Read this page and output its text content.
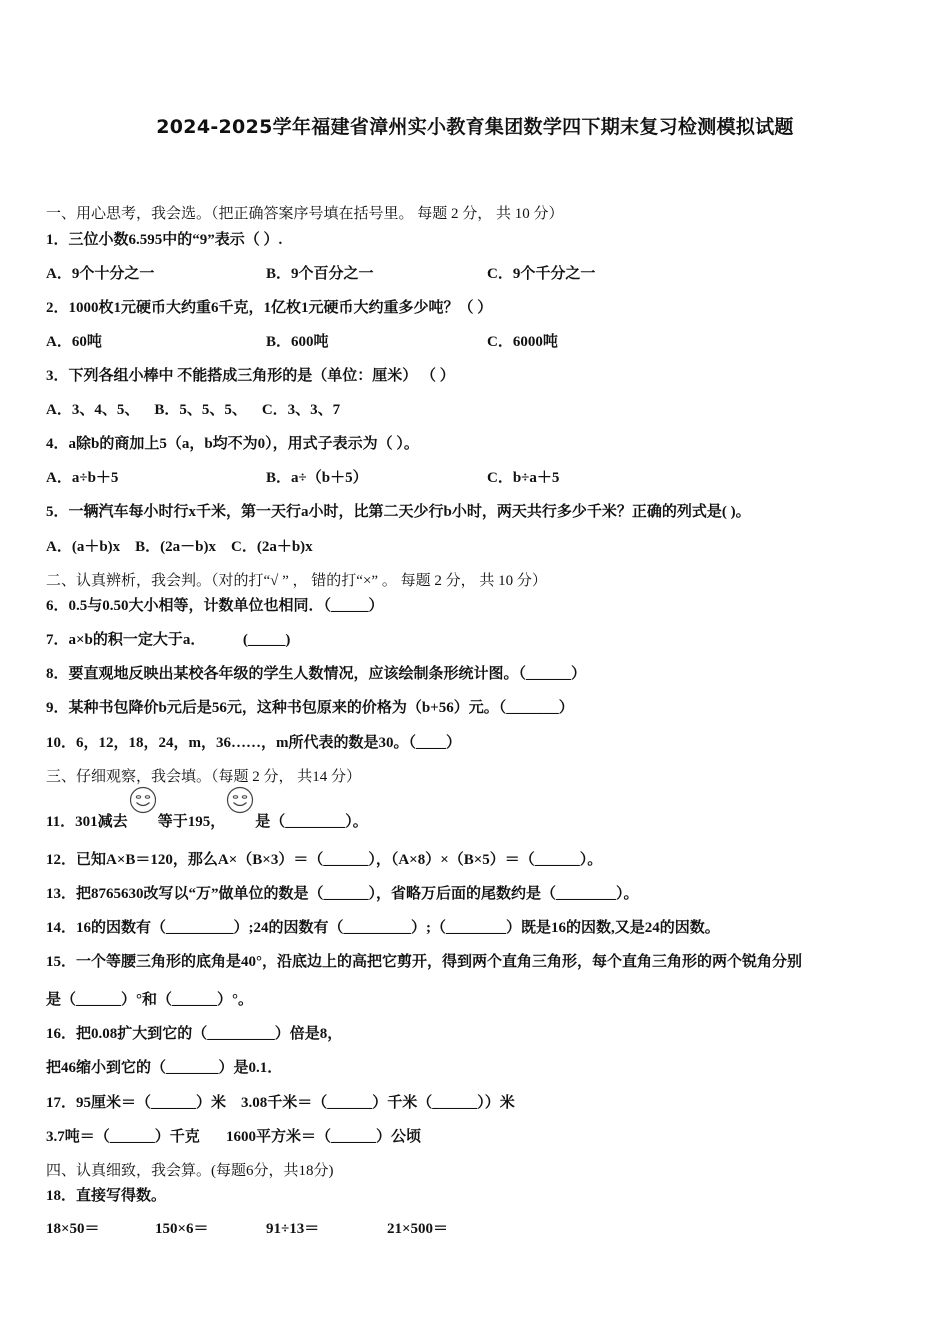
2024-2025学年福建省漳州实小教育集团数学四下期末复习检测模拟试题
一、用心思考，我会选。（把正确答案序号填在括号里。 每题 2 分， 共 10 分）
1．三位小数6.595中的“9”表示（ ）.
A．9个十分之一	B．9个百分之一	C．9个千分之一
2．1000枚1元硬币大约重6千克，1亿枚1元硬币大约重多少吨？（ ）
A．60吨	B．600吨	C．6000吨
3．下列各组小棒中 不能搭成三角形的是（单位：厘米） （ ）
A．3、4、5、    B．5、5、5、    C．3、3、7
4．a除b的商加上5（a，b均不为0），用式子表示为（ ）。
A．a÷b＋5	B．a÷（b＋5）	C．b÷a＋5
5．一辆汽车每小时行x千米，第一天行a小时，比第二天少行b小时，两天共行多少千米？正确的列式是( )。
A．(a＋b)x    B．(2a－b)x    C．(2a＋b)x
二、认真辨析，我会判。（对的打“√ ” ， 错的打“×” 。 每题 2 分， 共 10 分）
6．0.5与0.50大小相等，计数单位也相同．（_____）
7．a×b的积一定大于a．          (_____)
8．要直观地反映出某校各年级的学生人数情况，应该绘制条形统计图。（______）
9．某种书包降价b元后是56元，这种书包原来的价格为（b+56）元。（_______）
10．6，12，18，24，m，36……，m所代表的数是30。（____）
三、仔细观察，我会填。（每题 2 分， 共14 分）
11．301减去 等于195， 是（________）。
12．已知A×B＝120，那么A×（B×3）＝（______），（A×8）×（B×5）＝（______）。
13．把8765630改写以“万”做单位的数是（______），省略万后面的尾数约是（________）。
14．16的因数有（_________）;24的因数有（_________）;（________）既是16的因数,又是24的因数。
15．一个等腰三角形的底角是40°，沿底边上的高把它剪开，得到两个直角三角形，每个直角三角形的两个锐角分别
是（______）°和（______）°。
16．把0.08扩大到它的（_________）倍是8，
把46缩小到它的（_______）是0.1．
17．95厘米＝（______）米    3.08千米＝（______）千米（______））米
3.7吨＝（______）千克       1600平方米＝（______）公顷
四、认真细致，我会算。(每题6分，共18分)
18．直接写得数。
18×50＝	150×6＝	91÷13＝	21×500＝
